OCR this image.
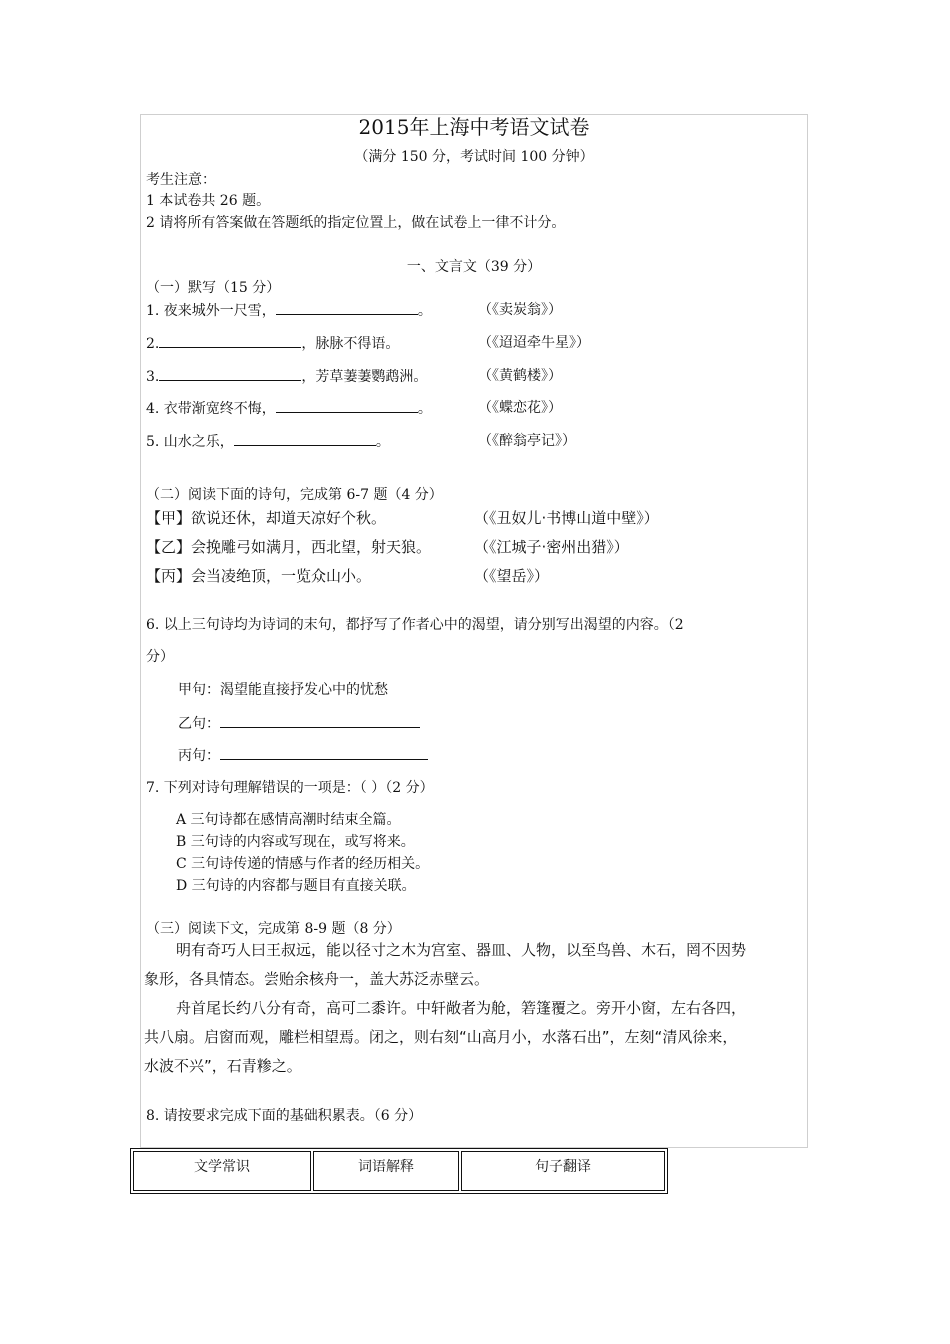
2015年上海中考语文试卷
（满分 150 分，考试时间 100 分钟）
考生注意：
1 本试卷共 26 题。
2 请将所有答案做在答题纸的指定位置上，做在试卷上一律不计分。
一、文言文（39 分）
（一）默写（15 分）
1. 夜来城外一尺雪，	。	（《卖炭翁》）
2.	，脉脉不得语。	（《迢迢牵牛星》）
3.	，芳草萋萋鹦鹉洲。	（《黄鹤楼》）
4. 衣带渐宽终不悔，	。	（《蝶恋花》）
5. 山水之乐，	。	（《醉翁亭记》）
（二）阅读下面的诗句，完成第 6-7 题（4 分）
【甲】欲说还休，却道天凉好个秋。	（《丑奴儿·书博山道中壁》）
【乙】会挽雕弓如满月，西北望，射天狼。	（《江城子·密州出猎》）
【丙】会当凌绝顶，一览众山小。	（《望岳》）
6. 以上三句诗均为诗词的末句，都抒写了作者心中的渴望，请分别写出渴望的内容。（2
分）
甲句：渴望能直接抒发心中的忧愁
乙句：
丙句：
7. 下列对诗句理解错误的一项是：（ ）（2 分）
A 三句诗都在感情高潮时结束全篇。
B 三句诗的内容或写现在，或写将来。
C 三句诗传递的情感与作者的经历相关。
D 三句诗的内容都与题目有直接关联。
（三）阅读下文，完成第 8-9 题（8 分）
明有奇巧人曰王叔远，能以径寸之木为宫室、器皿、人物，以至鸟兽、木石，罔不因势
象形，各具情态。尝贻余核舟一，盖大苏泛赤壁云。
舟首尾长约八分有奇，高可二黍许。中轩敞者为舱，箬篷覆之。旁开小窗，左右各四，
共八扇。启窗而观，雕栏相望焉。闭之，则右刻“山高月小，水落石出”，左刻“清风徐来，
水波不兴”，石青糁之。
8. 请按要求完成下面的基础积累表。（6 分）
文学常识	词语解释	句子翻译
